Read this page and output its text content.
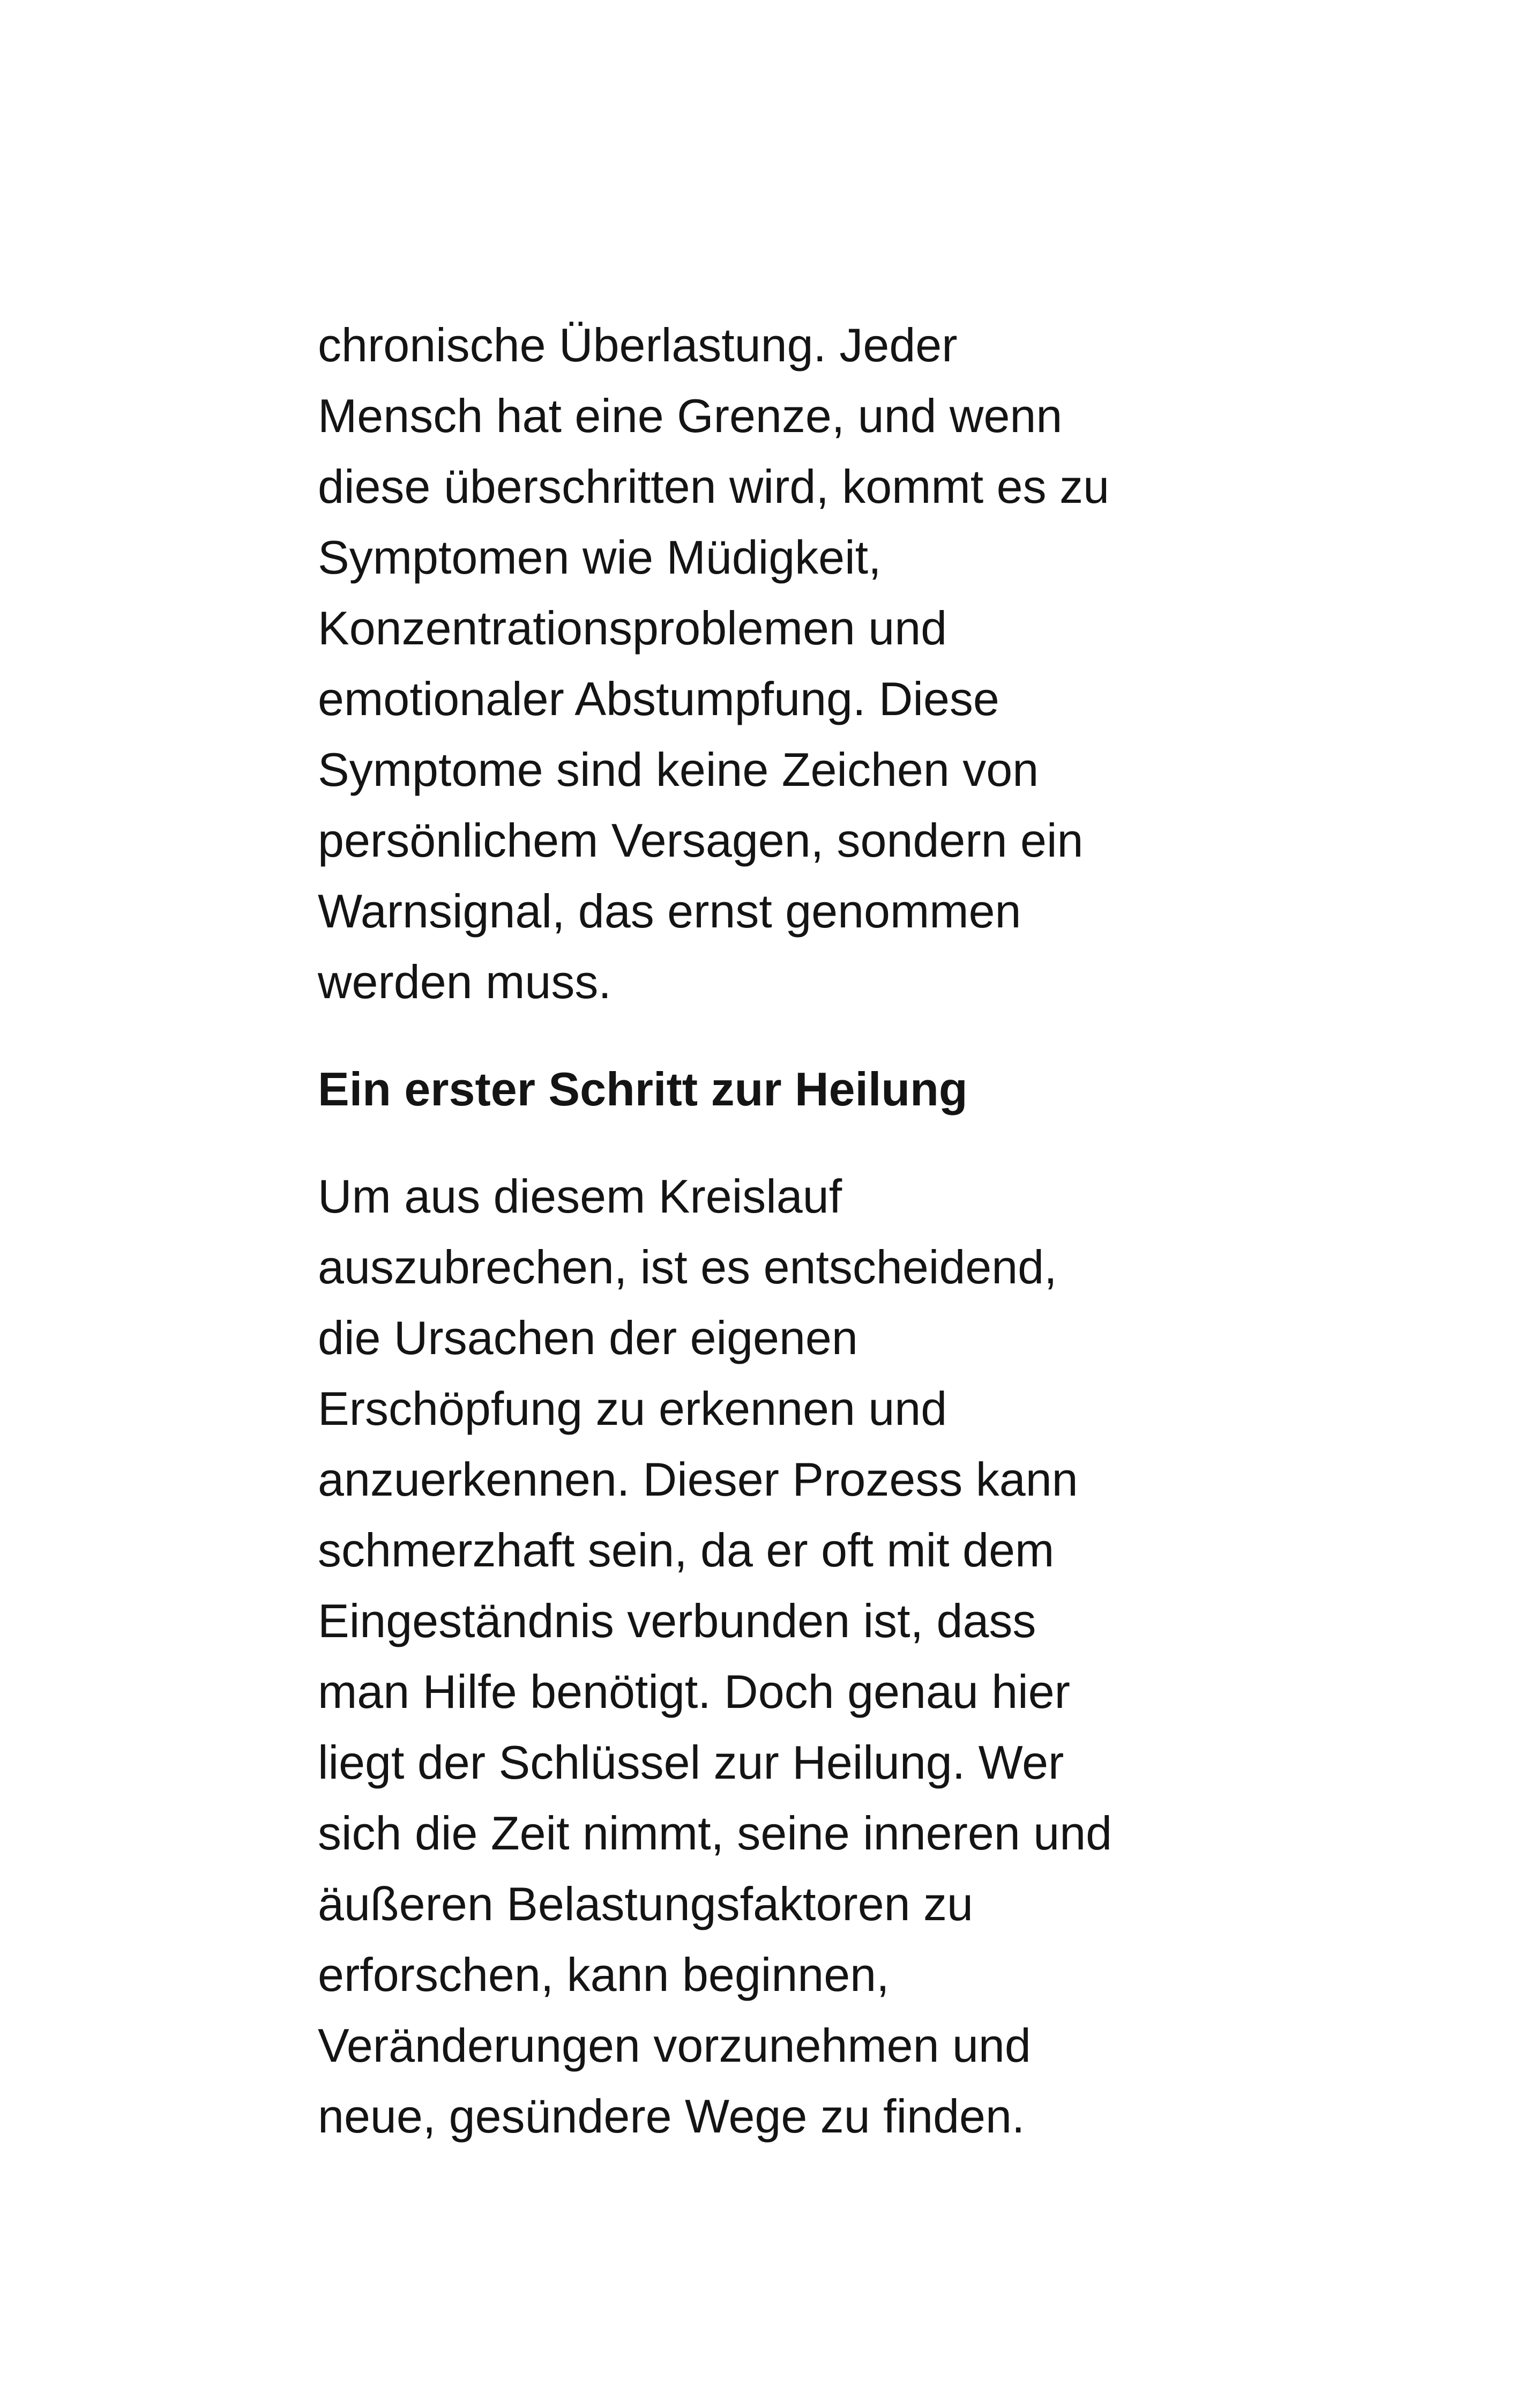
chronische Überlastung. Jeder
Mensch hat eine Grenze, und wenn
diese überschritten wird, kommt es zu
Symptomen wie Müdigkeit,
Konzentrationsproblemen und
emotionaler Abstumpfung. Diese
Symptome sind keine Zeichen von
persönlichem Versagen, sondern ein
Warnsignal, das ernst genommen
werden muss.
Ein erster Schritt zur Heilung
Um aus diesem Kreislauf
auszubrechen, ist es entscheidend,
die Ursachen der eigenen
Erschöpfung zu erkennen und
anzuerkennen. Dieser Prozess kann
schmerzhaft sein, da er oft mit dem
Eingeständnis verbunden ist, dass
man Hilfe benötigt. Doch genau hier
liegt der Schlüssel zur Heilung. Wer
sich die Zeit nimmt, seine inneren und
äußeren Belastungsfaktoren zu
erforschen, kann beginnen,
Veränderungen vorzunehmen und
neue, gesündere Wege zu finden.
